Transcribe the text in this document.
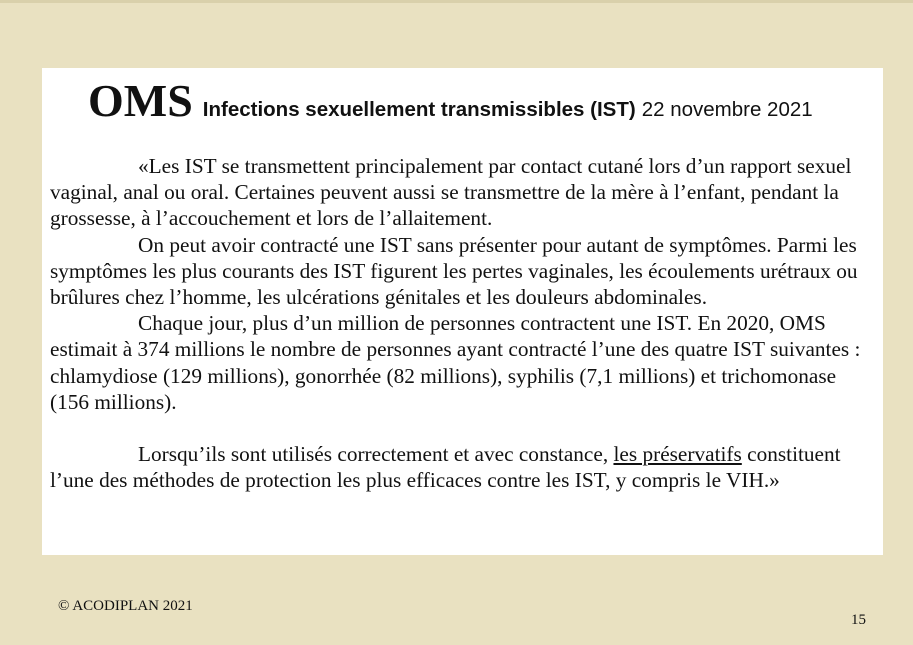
OMS Infections sexuellement transmissibles (IST) 22 novembre 2021

«Les IST se transmettent principalement par contact cutané lors d’un rapport sexuel vaginal, anal ou oral. Certaines peuvent aussi se transmettre de la mère à l’enfant, pendant la grossesse, à l’accouchement et lors de l’allaitement.

On peut avoir contracté une IST sans présenter pour autant de symptômes. Parmi les symptômes les plus courants des IST figurent les pertes vaginales, les écoulements urétraux ou brûlures chez l’homme, les ulcérations génitales et les douleurs abdominales.

Chaque jour, plus d’un million de personnes contractent une IST. En 2020, OMS estimait à 374 millions le nombre de personnes ayant contracté l’une des quatre IST suivantes : chlamydiose (129 millions), gonorrhée (82 millions), syphilis (7,1 millions) et trichomonase (156 millions).

Lorsqu’ils sont utilisés correctement et avec constance, les préservatifs constituent l’une des méthodes de protection les plus efficaces contre les IST, y compris le VIH.»

© ACODIPLAN 2021
15
